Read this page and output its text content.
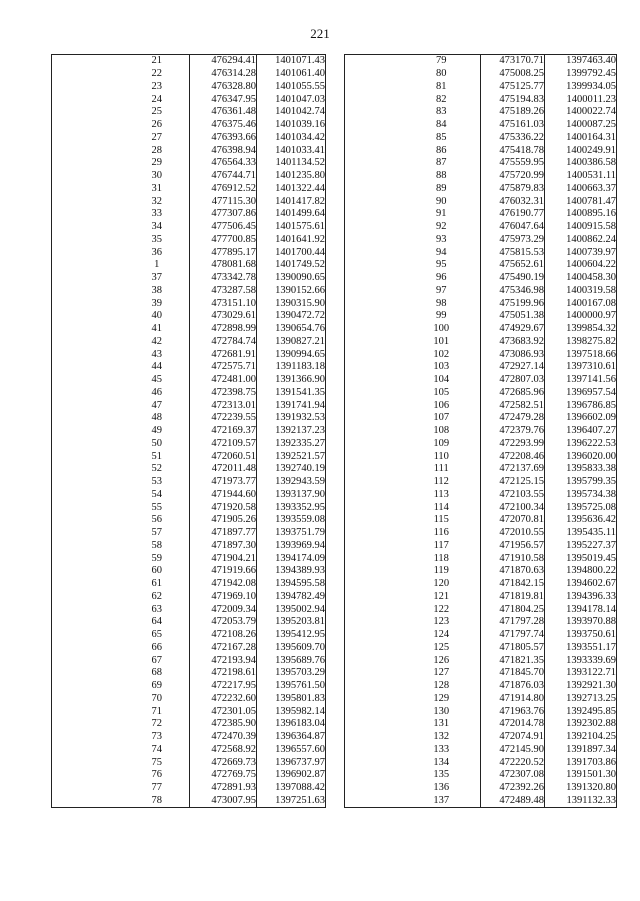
221
	21	476294.41	1401071.43
	22	476314.28	1401061.40
	23	476328.80	1401055.55
	24	476347.95	1401047.03
	25	476361.48	1401042.74
	26	476375.46	1401039.16
	27	476393.66	1401034.42
	28	476398.94	1401033.41
	29	476564.33	1401134.52
	30	476744.71	1401235.80
	31	476912.52	1401322.44
	32	477115.30	1401417.82
	33	477307.86	1401499.64
	34	477506.45	1401575.61
	35	477700.85	1401641.92
	36	477895.17	1401700.44
	1	478081.68	1401749.52
	37	473342.78	1390090.65
	38	473287.58	1390152.66
	39	473151.10	1390315.90
	40	473029.61	1390472.72
	41	472898.99	1390654.76
	42	472784.74	1390827.21
	43	472681.91	1390994.65
	44	472575.71	1391183.18
	45	472481.00	1391366.90
	46	472398.75	1391541.35
	47	472313.01	1391741.94
	48	472239.55	1391932.53
	49	472169.37	1392137.23
	50	472109.57	1392335.27
	51	472060.51	1392521.57
	52	472011.48	1392740.19
	53	471973.77	1392943.59
	54	471944.60	1393137.90
	55	471920.58	1393352.95
	56	471905.26	1393559.08
	57	471897.77	1393751.79
	58	471897.30	1393969.94
	59	471904.21	1394174.09
	60	471919.66	1394389.93
	61	471942.08	1394595.58
	62	471969.10	1394782.49
	63	472009.34	1395002.94
	64	472053.79	1395203.81
	65	472108.26	1395412.95
	66	472167.28	1395609.70
	67	472193.94	1395689.76
	68	472198.61	1395703.29
	69	472217.95	1395761.50
	70	472232.60	1395801.83
	71	472301.05	1395982.14
	72	472385.90	1396183.04
	73	472470.39	1396364.87
	74	472568.92	1396557.60
	75	472669.73	1396737.97
	76	472769.75	1396902.87
	77	472891.93	1397088.42
	78	473007.95	1397251.63
	79	473170.71	1397463.40
	80	475008.25	1399792.45
	81	475125.77	1399934.05
	82	475194.83	1400011.23
	83	475189.26	1400022.74
	84	475161.03	1400087.25
	85	475336.22	1400164.31
	86	475418.78	1400249.91
	87	475559.95	1400386.58
	88	475720.99	1400531.11
	89	475879.83	1400663.37
	90	476032.31	1400781.47
	91	476190.77	1400895.16
	92	476047.64	1400915.58
	93	475973.29	1400862.24
	94	475815.53	1400739.97
	95	475652.61	1400604.22
	96	475490.19	1400458.30
	97	475346.98	1400319.58
	98	475199.96	1400167.08
	99	475051.38	1400000.97
	100	474929.67	1399854.32
	101	473683.92	1398275.82
	102	473086.93	1397518.66
	103	472927.14	1397310.61
	104	472807.03	1397141.56
	105	472685.96	1396957.54
	106	472582.51	1396786.85
	107	472479.28	1396602.09
	108	472379.76	1396407.27
	109	472293.99	1396222.53
	110	472208.46	1396020.00
	111	472137.69	1395833.38
	112	472125.15	1395799.35
	113	472103.55	1395734.38
	114	472100.34	1395725.08
	115	472070.81	1395636.42
	116	472010.55	1395435.11
	117	471956.57	1395227.37
	118	471910.58	1395019.45
	119	471870.63	1394800.22
	120	471842.15	1394602.67
	121	471819.81	1394396.33
	122	471804.25	1394178.14
	123	471797.28	1393970.88
	124	471797.74	1393750.61
	125	471805.57	1393551.17
	126	471821.35	1393339.69
	127	471845.70	1393122.71
	128	471876.03	1392921.30
	129	471914.80	1392713.25
	130	471963.76	1392495.85
	131	472014.78	1392302.88
	132	472074.91	1392104.25
	133	472145.90	1391897.34
	134	472220.52	1391703.86
	135	472307.08	1391501.30
	136	472392.26	1391320.80
	137	472489.48	1391132.33
